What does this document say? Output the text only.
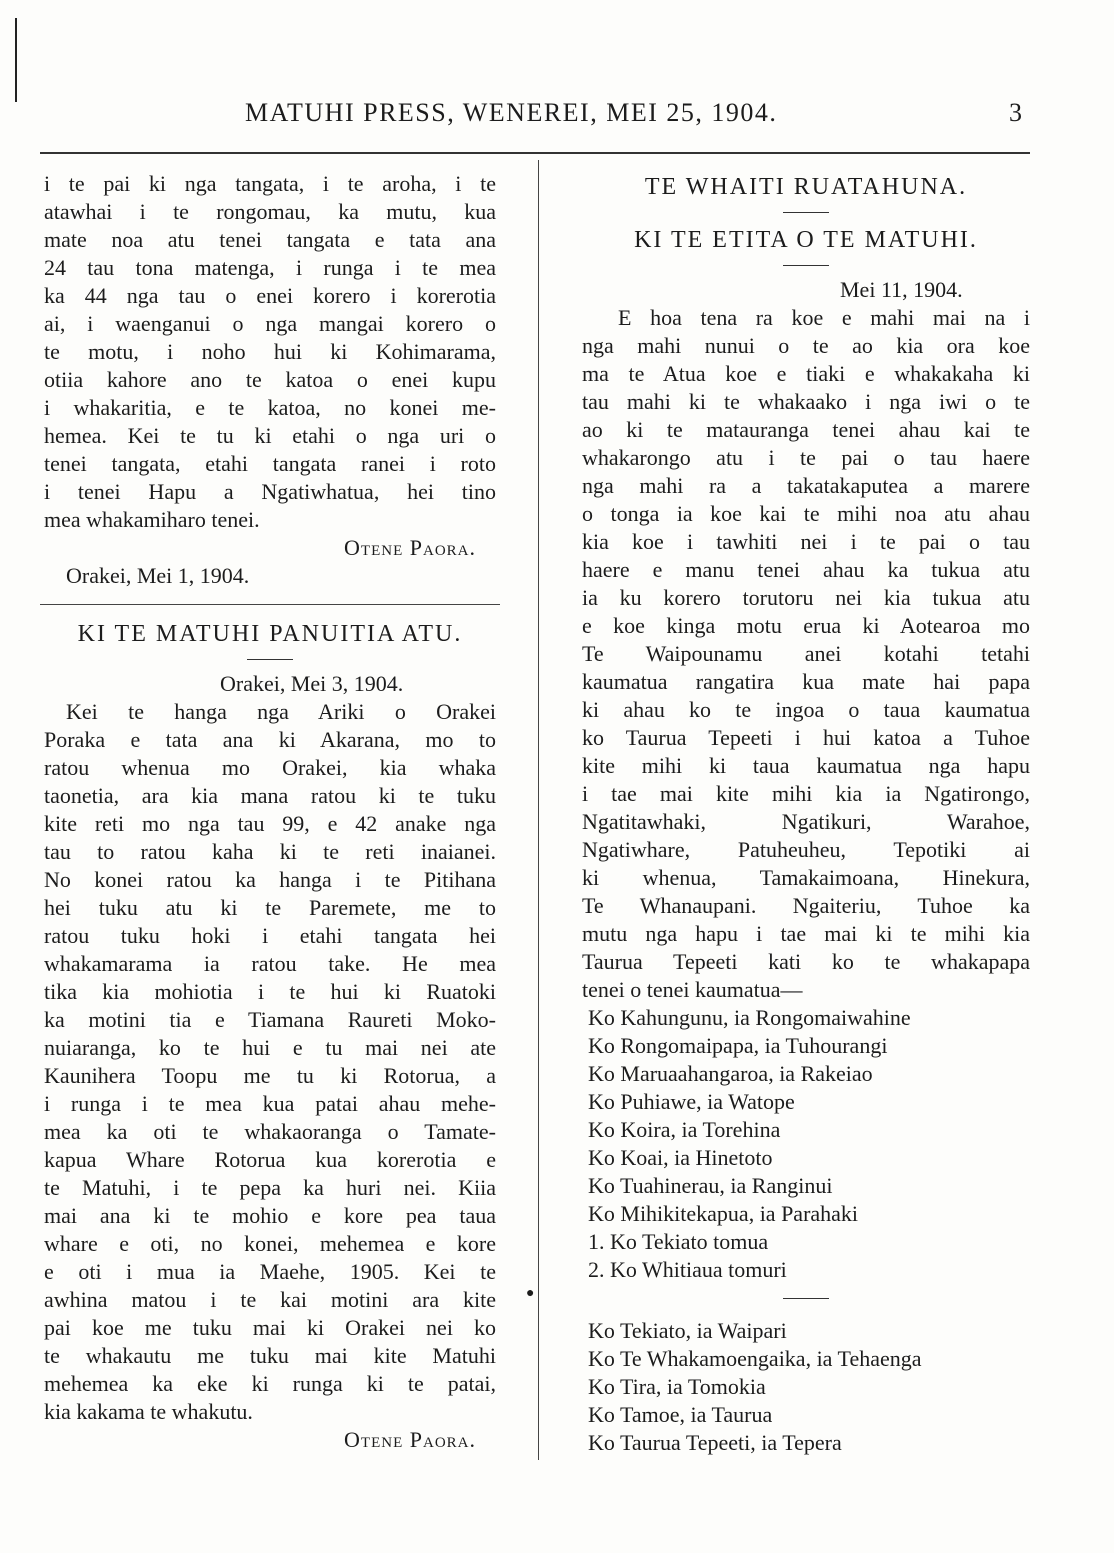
MATUHI PRESS, WENEREI, MEI 25, 1904.	3
i te pai ki nga tangata, i te aroha, i te
atawhai i te rongomau, ka mutu, kua
mate noa atu tenei tangata e tata ana
24 tau tona matenga, i runga i te mea
ka 44 nga tau o enei korero i korerotia
ai, i waenganui o nga mangai korero o
te motu, i noho hui ki Kohimarama,
otiia kahore ano te katoa o enei kupu
i whakaritia, e te katoa, no konei me-
hemea. Kei te tu ki etahi o nga uri o
tenei tangata, etahi tangata ranei i roto
i tenei Hapu a Ngatiwhatua, hei tino
mea whakamiharo tenei.
Otene Paora.
Orakei, Mei 1, 1904.
KI TE MATUHI PANUITIA ATU.
Orakei, Mei 3, 1904.
Kei te hanga nga Ariki o Orakei
Poraka e tata ana ki Akarana, mo to
ratou whenua mo Orakei, kia whaka
taonetia, ara kia mana ratou ki te tuku
kite reti mo nga tau 99, e 42 anake nga
tau to ratou kaha ki te reti inaianei.
No konei ratou ka hanga i te Pitihana
hei tuku atu ki te Paremete, me to
ratou tuku hoki i etahi tangata hei
whakamarama ia ratou take. He mea
tika kia mohiotia i te hui ki Ruatoki
ka motini tia e Tiamana Raureti Moko-
nuiaranga, ko te hui e tu mai nei ate
Kaunihera Toopu me tu ki Rotorua, a
i runga i te mea kua patai ahau mehe-
mea ka oti te whakaoranga o Tamate-
kapua Whare Rotorua kua korerotia e
te Matuhi, i te pepa ka huri nei. Kiia
mai ana ki te mohio e kore pea taua
whare e oti, no konei, mehemea e kore
e oti i mua ia Maehe, 1905. Kei te
awhina matou i te kai motini ara kite
pai koe me tuku mai ki Orakei nei ko
te whakautu me tuku mai kite Matuhi
mehemea ka eke ki runga ki te patai,
kia kakama te whakutu.
Otene Paora.
●
TE WHAITI RUATAHUNA.
KI TE ETITA O TE MATUHI.
Mei 11, 1904.
E hoa tena ra koe e mahi mai na i
nga mahi nunui o te ao kia ora koe
ma te Atua koe e tiaki e whakakaha ki
tau mahi ki te whakaako i nga iwi o te
ao ki te matauranga tenei ahau kai te
whakarongo atu i te pai o tau haere
nga mahi ra a takatakaputea a marere
o tonga ia koe kai te mihi noa atu ahau
kia koe i tawhiti nei i te pai o tau
haere e manu tenei ahau ka tukua atu
ia ku korero torutoru nei kia tukua atu
e koe kinga motu erua ki Aotearoa mo
Te Waipounamu anei kotahi tetahi
kaumatua rangatira kua mate hai papa
ki ahau ko te ingoa o taua kaumatua
ko Taurua Tepeeti i hui katoa a Tuhoe
kite mihi ki taua kaumatua nga hapu
i tae mai kite mihi kia ia Ngatirongo,
Ngatitawhaki, Ngatikuri, Warahoe,
Ngatiwhare, Patuheuheu, Tepotiki ai
ki whenua, Tamakaimoana, Hinekura,
Te Whanaupani. Ngaiteriu, Tuhoe ka
mutu nga hapu i tae mai ki te mihi kia
Taurua Tepeeti kati ko te whakapapa
tenei o tenei kaumatua—
Ko Kahungunu, ia Rongomaiwahine
Ko Rongomaipapa, ia Tuhourangi
Ko Maruaahangaroa, ia Rakeiao
Ko Puhiawe, ia Watope
Ko Koira, ia Torehina
Ko Koai, ia Hinetoto
Ko Tuahinerau, ia Ranginui
Ko Mihikitekapua, ia Parahaki
1. Ko Tekiato tomua
2. Ko Whitiaua tomuri
Ko Tekiato, ia Waipari
Ko Te Whakamoengaika, ia Tehaenga
Ko Tira, ia Tomokia
Ko Tamoe, ia Taurua
Ko Taurua Tepeeti, ia Tepera
